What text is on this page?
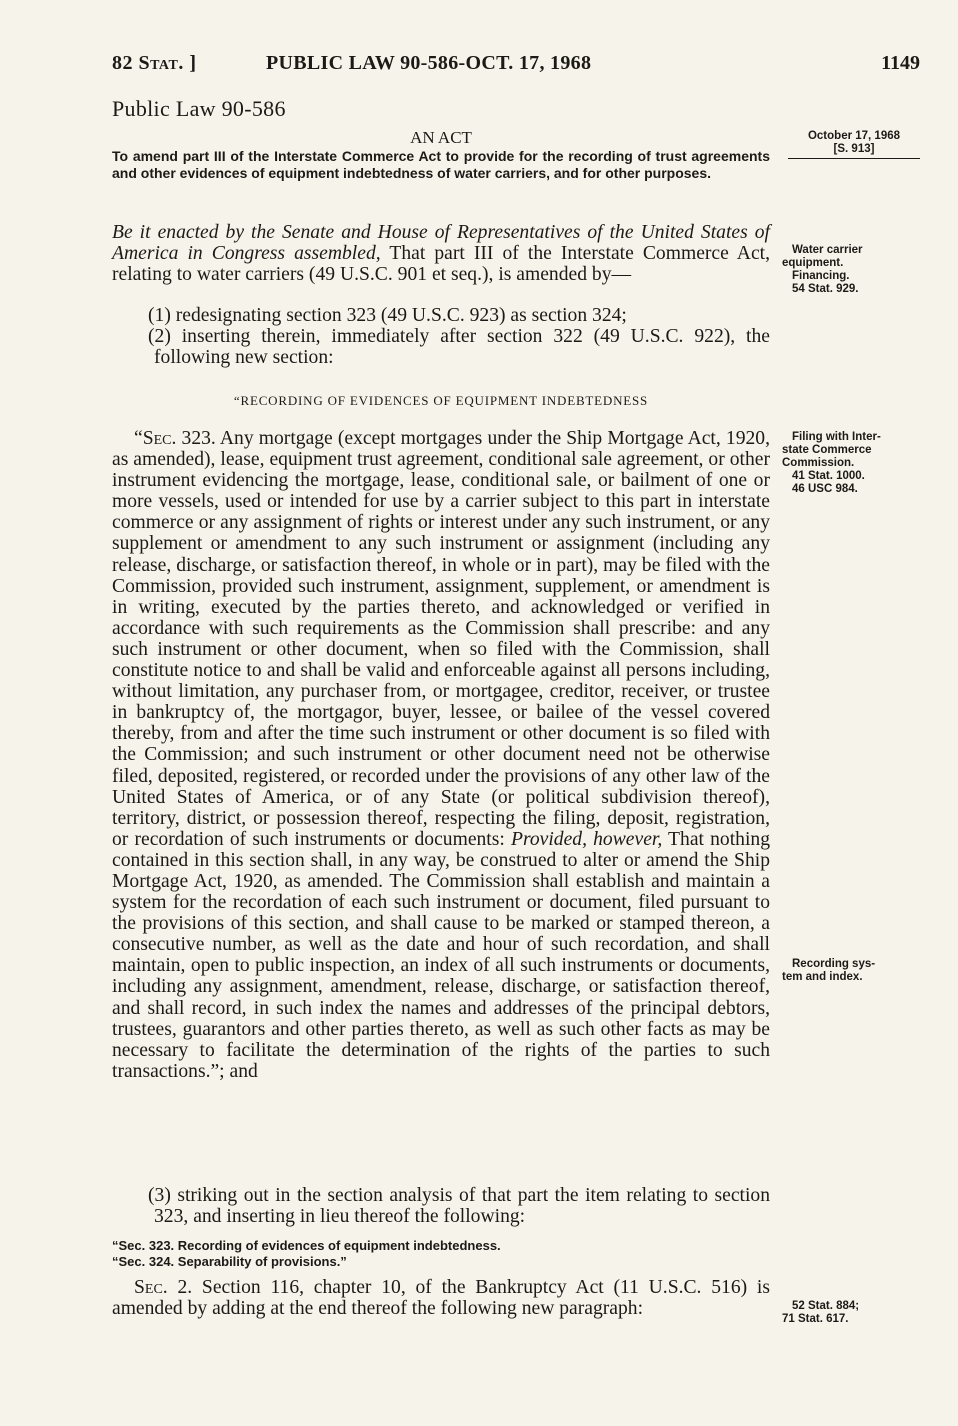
82 Stat. ]	PUBLIC LAW 90-586-OCT. 17, 1968	1149
Public Law 90-586
AN ACT
To amend part III of the Interstate Commerce Act to provide for the recording of trust agreements and other evidences of equipment indebtedness of water carriers, and for other purposes.

Be it enacted by the Senate and House of Representatives of the United States of America in Congress assembled, That part III of the Interstate Commerce Act, relating to water carriers (49 U.S.C. 901 et seq.), is amended by—

(1) redesignating section 323 (49 U.S.C. 923) as section 324;

(2) inserting therein, immediately after section 322 (49 U.S.C. 922), the following new section:

“RECORDING OF EVIDENCES OF EQUIPMENT INDEBTEDNESS

“Sec. 323. Any mortgage (except mortgages under the Ship Mortgage Act, 1920, as amended), lease, equipment trust agreement, conditional sale agreement, or other instrument evidencing the mortgage, lease, conditional sale, or bailment of one or more vessels, used or intended for use by a carrier subject to this part in interstate commerce or any assignment of rights or interest under any such instrument, or any supplement or amendment to any such instrument or assignment (including any release, discharge, or satisfaction thereof, in whole or in part), may be filed with the Commission, provided such instrument, assignment, supplement, or amendment is in writing, executed by the parties thereto, and acknowledged or verified in accordance with such requirements as the Commission shall prescribe: and any such instrument or other document, when so filed with the Commission, shall constitute notice to and shall be valid and enforceable against all persons including, without limitation, any purchaser from, or mortgagee, creditor, receiver, or trustee in bankruptcy of, the mortgagor, buyer, lessee, or bailee of the vessel covered thereby, from and after the time such instrument or other document is so filed with the Commission; and such instrument or other document need not be otherwise filed, deposited, registered, or recorded under the provisions of any other law of the United States of America, or of any State (or political subdivision thereof), territory, district, or possession thereof, respecting the filing, deposit, registration, or recordation of such instruments or documents: Provided, however, That nothing contained in this section shall, in any way, be construed to alter or amend the Ship Mortgage Act, 1920, as amended. The Commission shall establish and maintain a system for the recordation of each such instrument or document, filed pursuant to the provisions of this section, and shall cause to be marked or stamped thereon, a consecutive number, as well as the date and hour of such recordation, and shall maintain, open to public inspection, an index of all such instruments or documents, including any assignment, amendment, release, discharge, or satisfaction thereof, and shall record, in such index the names and addresses of the principal debtors, trustees, guarantors and other parties thereto, as well as such other facts as may be necessary to facilitate the determination of the rights of the parties to such transactions.”; and

(3) striking out in the section analysis of that part the item relating to section 323, and inserting in lieu thereof the following:
“Sec. 323. Recording of evidences of equipment indebtedness.
“Sec. 324. Separability of provisions.”

Sec. 2. Section 116, chapter 10, of the Bankruptcy Act (11 U.S.C. 516) is amended by adding at the end thereof the following new paragraph:

October 17, 1968
[S. 913]
Water carrier
equipment.
Financing.
54 Stat. 929.
Filing with Inter-
state Commerce
Commission.
41 Stat. 1000.
46 USC 984.
Recording sys-
tem and index.
52 Stat. 884;
71 Stat. 617.
